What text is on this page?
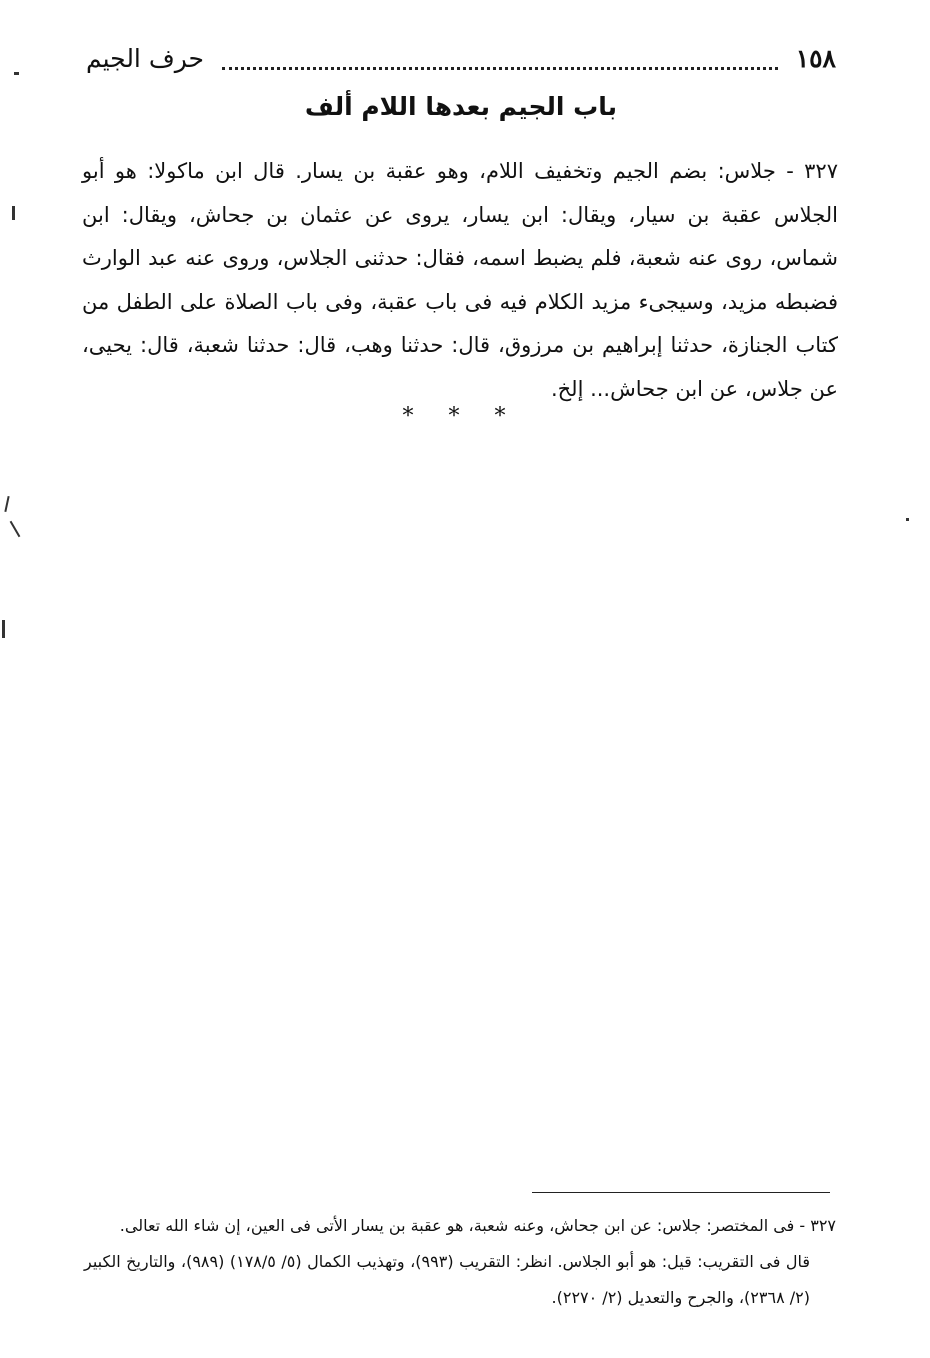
١٥٨
حرف الجيم
باب الجيم بعدها اللام ألف
٣٢٧ - جلاس: بضم الجيم وتخفيف اللام، وهو عقبة بن يسار. قال ابن ماكولا: هو أبو الجلاس عقبة بن سيار، ويقال: ابن يسار، يروى عن عثمان بن جحاش، ويقال: ابن شماس، روى عنه شعبة، فلم يضبط اسمه، فقال: حدثنى الجلاس، وروى عنه عبد الوارث فضبطه مزيد، وسيجىء مزيد الكلام فيه فى باب عقبة، وفى باب الصلاة على الطفل من كتاب الجنازة، حدثنا إبراهيم بن مرزوق، قال: حدثنا وهب، قال: حدثنا شعبة، قال: يحيى، عن جلاس، عن ابن جحاش... إلخ.
* * *

٣٢٧ - فى المختصر: جلاس: عن ابن جحاش، وعنه شعبة، هو عقبة بن يسار الأتى فى العين، إن شاء الله تعالى.

قال فى التقريب: قيل: هو أبو الجلاس. انظر: التقريب (٩٩٣)، وتهذيب الكمال (٥/ ١٧٨/٥) (٩٨٩)، والتاريخ الكبير (٢/ ٢٣٦٨)، والجرح والتعديل (٢/ ٢٢٧٠).
